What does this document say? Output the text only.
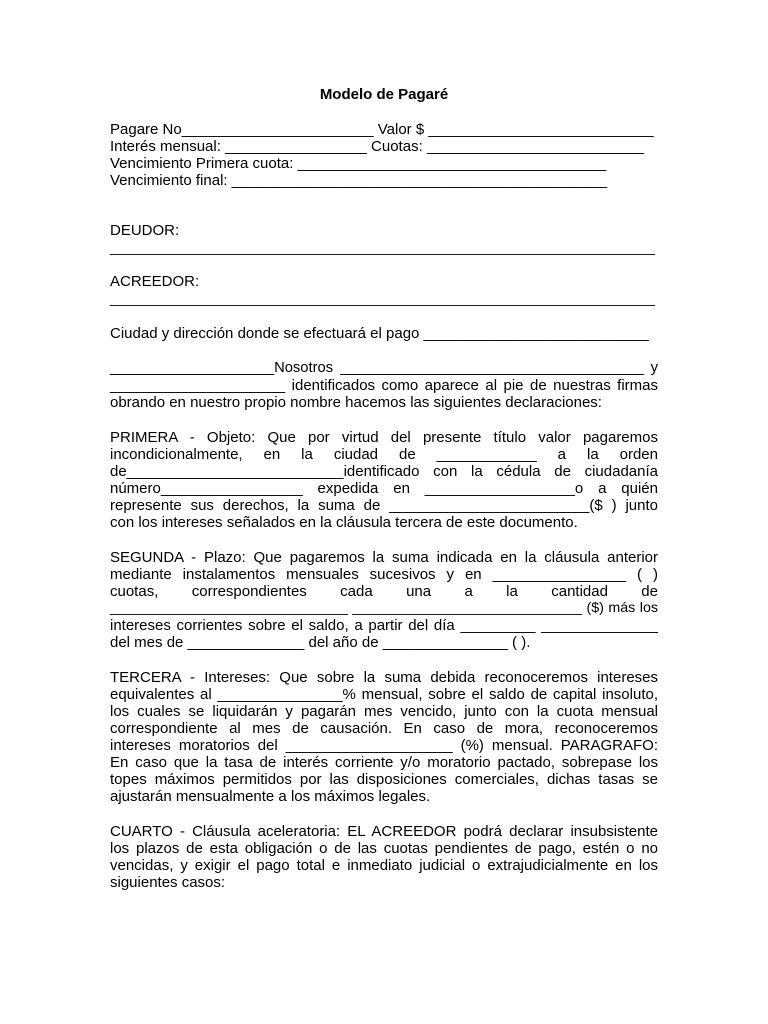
Modelo de Pagaré

Pagare No_______________________ Valor $ ___________________________

Interés mensual: _________________ Cuotas: __________________________

Vencimiento Primera cuota: _____________________________________

Vencimiento final: _____________________________________________

DEUDOR:

______________________________________________________________________

ACREEDOR:

______________________________________________________________________

Ciudad y dirección donde se efectuará el pago ___________________________

____________________Nosotros _____________________________________ y

_____________________ identificados como aparece al pie de nuestras firmas

obrando en nuestro propio nombre hacemos las siguientes declaraciones:

PRIMERA - Objeto: Que por virtud del presente título valor pagaremos

incondicionalmente, en la ciudad de ____________ a la orden

de__________________________identificado con la cédula de ciudadanía

número_________________ expedida en __________________o a quién

represente sus derechos, la suma de ________________________($ ) junto

con los intereses señalados en la cláusula tercera de este documento.

SEGUNDA - Plazo: Que pagaremos la suma indicada en la cláusula anterior

mediante instalamentos mensuales sucesivos y en ________________ ( )

cuotas, correspondientes cada una a la cantidad de

______________________________ _____________________________ ($) más los

intereses corrientes sobre el saldo, a partir del día _________ ______________

del mes de ______________ del año de _______________ ( ).

TERCERA - Intereses: Que sobre la suma debida reconoceremos intereses

equivalentes al _______________% mensual, sobre el saldo de capital insoluto,

los cuales se liquidarán y pagarán mes vencido, junto con la cuota mensual

correspondiente al mes de causación. En caso de mora, reconoceremos

intereses moratorios del ____________________ (%) mensual. PARAGRAFO:

En caso que la tasa de interés corriente y/o moratorio pactado, sobrepase los

topes máximos permitidos por las disposiciones comerciales, dichas tasas se

ajustarán mensualmente a los máximos legales.

CUARTO - Cláusula aceleratoria: EL ACREEDOR podrá declarar insubsistente

los plazos de esta obligación o de las cuotas pendientes de pago, estén o no

vencidas, y exigir el pago total e inmediato judicial o extrajudicialmente en los

siguientes casos:
